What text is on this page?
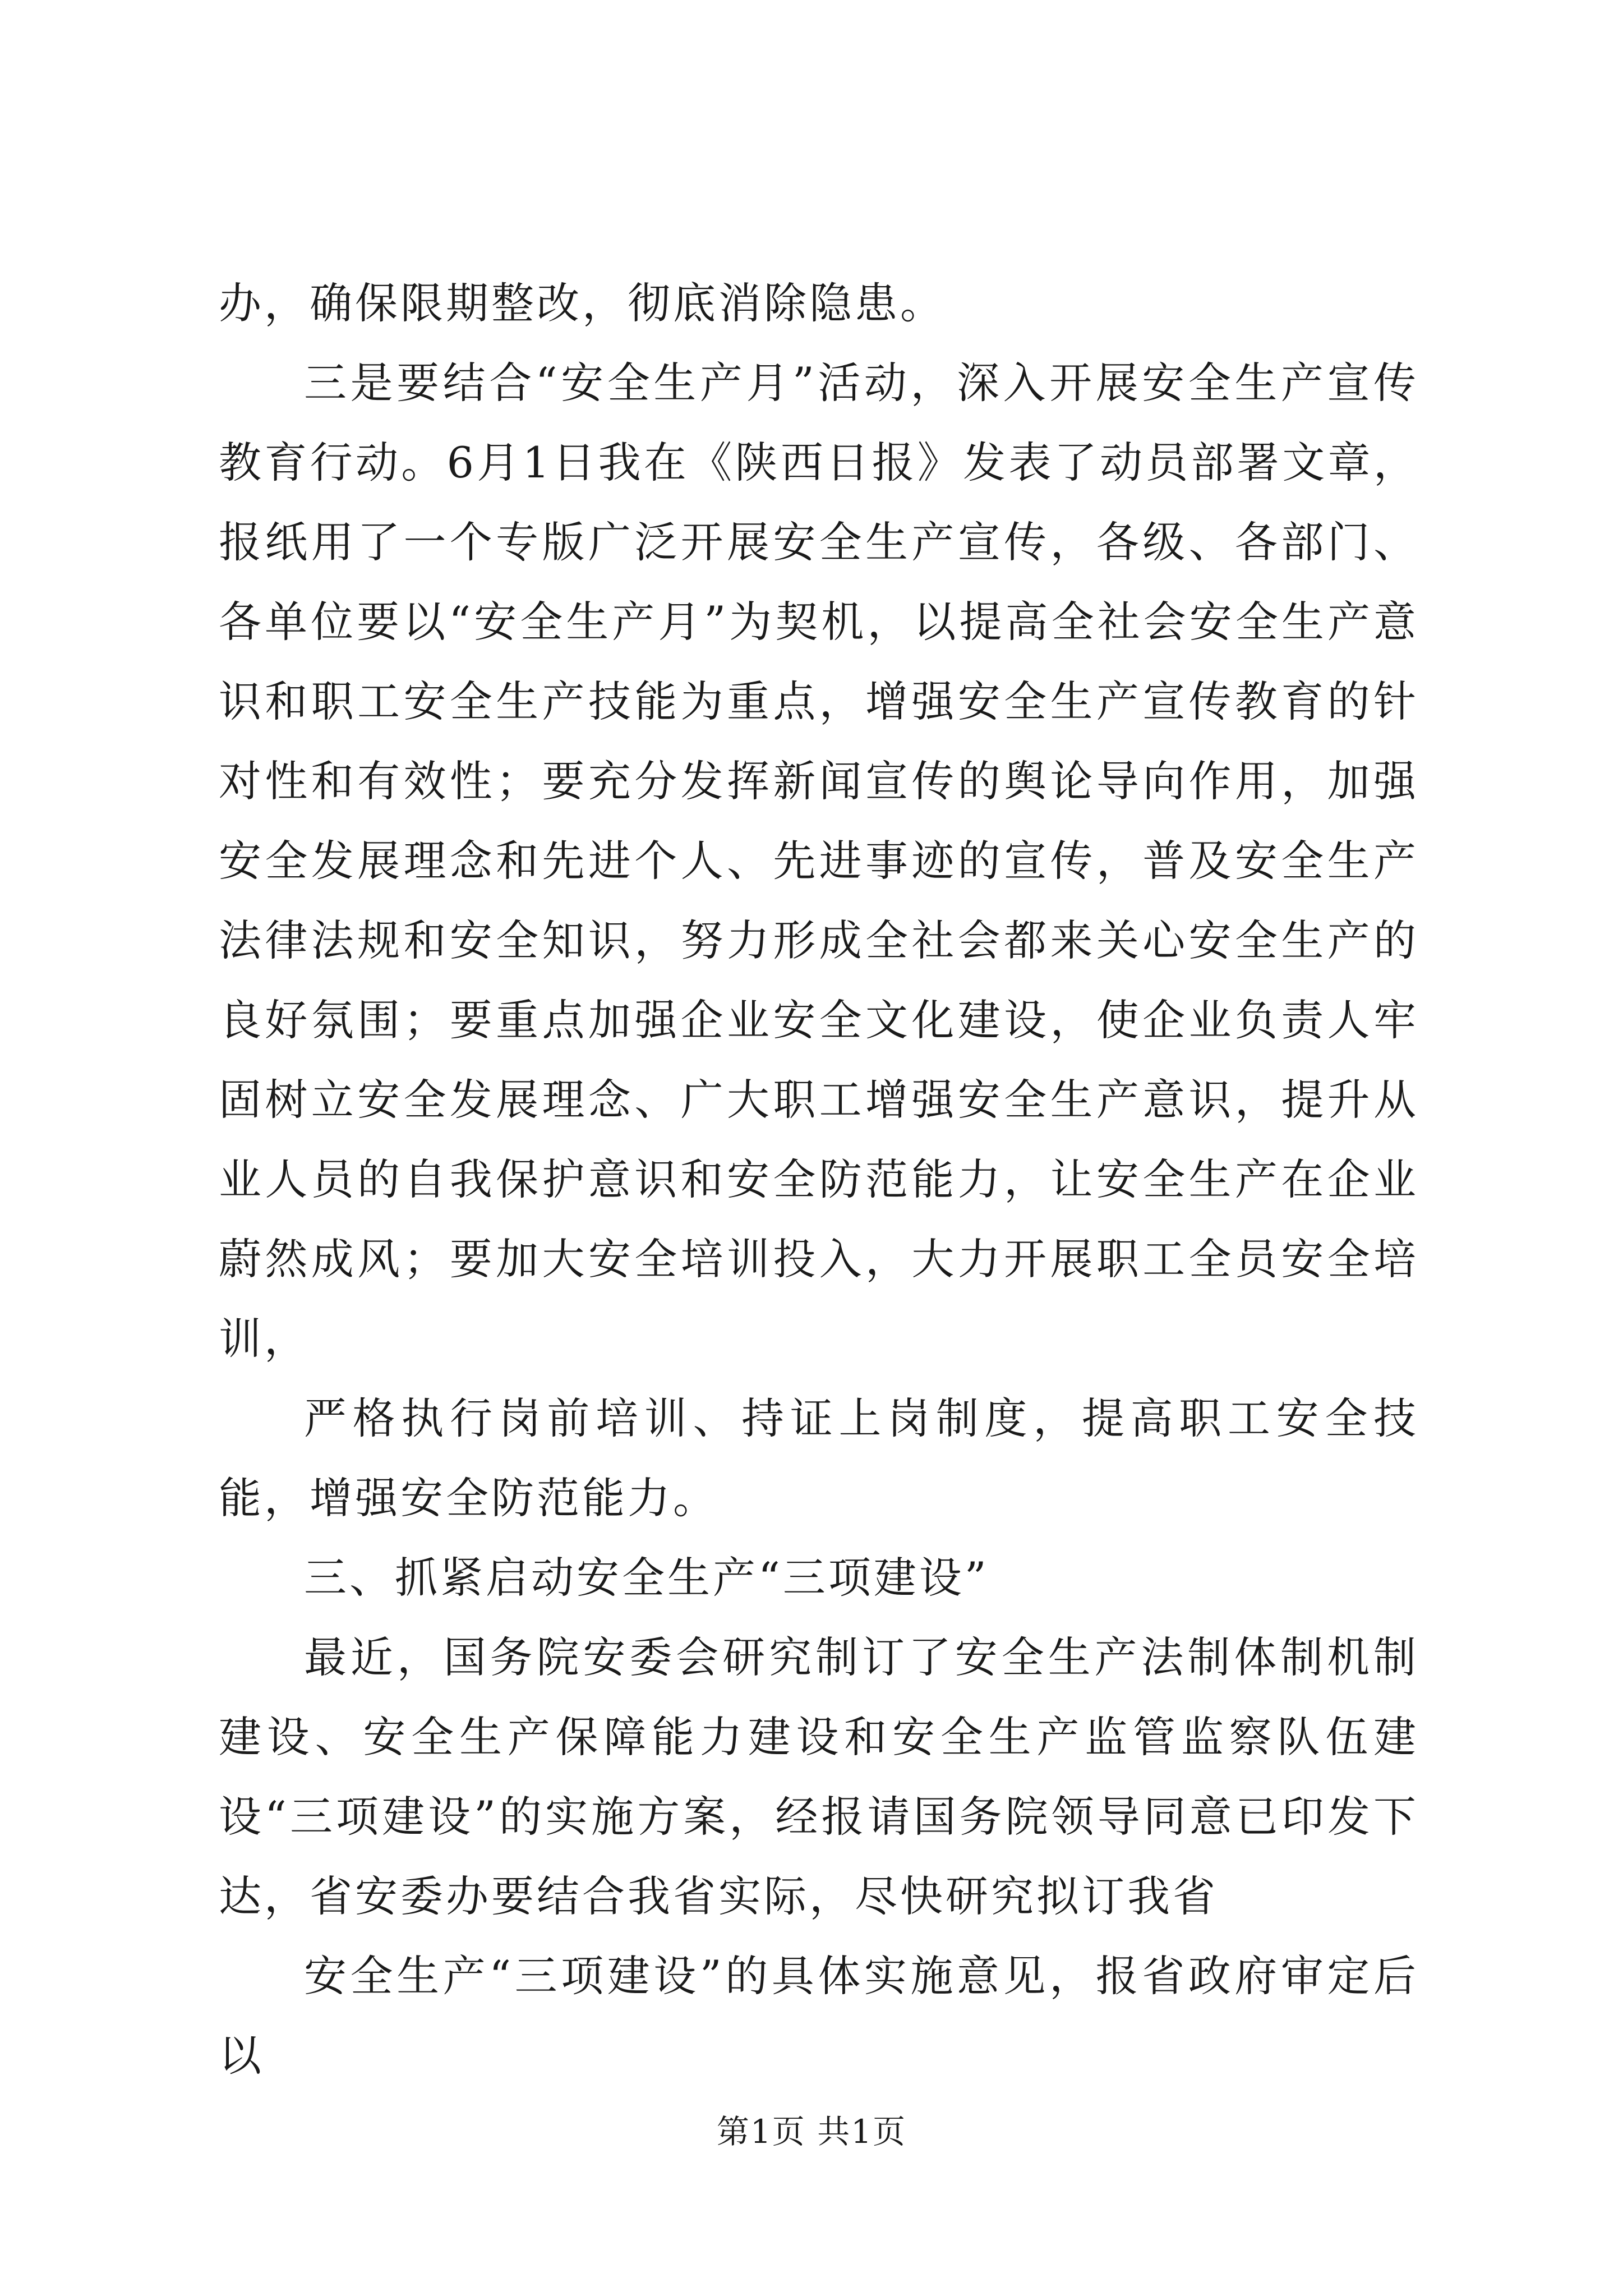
办，确保限期整改，彻底消除隐患。

三是要结合“安全生产月”活动，深入开展安全生产宣传教育行动。6月1日我在《陕西日报》发表了动员部署文章，报纸用了一个专版广泛开展安全生产宣传，各级、各部门、各单位要以“安全生产月”为契机，以提高全社会安全生产意识和职工安全生产技能为重点，增强安全生产宣传教育的针对性和有效性；要充分发挥新闻宣传的舆论导向作用，加强安全发展理念和先进个人、先进事迹的宣传，普及安全生产法律法规和安全知识，努力形成全社会都来关心安全生产的良好氛围；要重点加强企业安全文化建设，使企业负责人牢固树立安全发展理念、广大职工增强安全生产意识，提升从业人员的自我保护意识和安全防范能力，让安全生产在企业蔚然成风；要加大安全培训投入，大力开展职工全员安全培训，

严格执行岗前培训、持证上岗制度，提高职工安全技能，增强安全防范能力。

三、抓紧启动安全生产“三项建设”

最近，国务院安委会研究制订了安全生产法制体制机制建设、安全生产保障能力建设和安全生产监管监察队伍建设“三项建设”的实施方案，经报请国务院领导同意已印发下达，省安委办要结合我省实际，尽快研究拟订我省

安全生产“三项建设”的具体实施意见，报省政府审定后以

第1页 共1页
